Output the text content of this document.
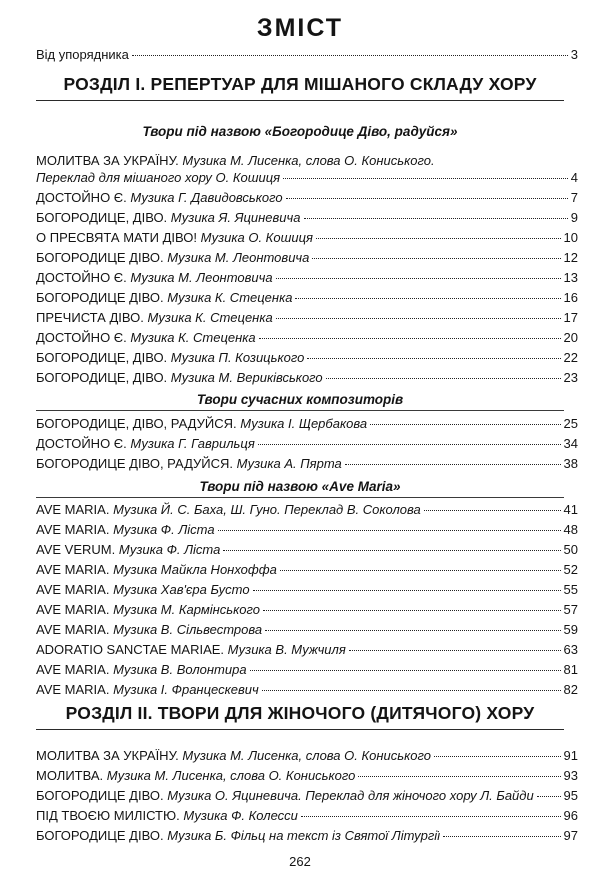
ЗМІСТ
Від упорядника	3
РОЗДІЛ І. РЕПЕРТУАР ДЛЯ МІШАНОГО СКЛАДУ ХОРУ
Твори під назвою «Богородице Діво, радуйся»
МОЛИТВА ЗА УКРАЇНУ. Музика М. Лисенка, слова О. Кониського.
Переклад для мішаного хору О. Кошиця	4
ДОСТОЙНО Є. Музика Г. Давидовського	7
БОГОРОДИЦЕ, ДІВО. Музика Я. Яциневича	9
О ПРЕСВЯТА МАТИ ДІВО! Музика О. Кошиця	10
БОГОРОДИЦЕ ДІВО. Музика М. Леонтовича	12
ДОСТОЙНО Є. Музика М. Леонтовича	13
БОГОРОДИЦЕ ДІВО. Музика К. Стеценка	16
ПРЕЧИСТА ДІВО. Музика К. Стеценка	17
ДОСТОЙНО Є. Музика К. Стеценка	20
БОГОРОДИЦЕ, ДІВО. Музика П. Козицького	22
БОГОРОДИЦЕ, ДІВО. Музика М. Вериківського	23
Твори сучасних композиторів
БОГОРОДИЦЕ, ДІВО, РАДУЙСЯ. Музика І. Щербакова	25
ДОСТОЙНО Є. Музика Г. Гаврильця	34
БОГОРОДИЦЕ ДІВО, РАДУЙСЯ. Музика А. Пярта	38
Твори під назвою «Ave Maria»
AVE MARIA. Музика Й. С. Баха, Ш. Гуно. Переклад В. Соколова	41
AVE MARIA. Музика Ф. Ліста	48
AVE VERUM. Музика Ф. Ліста	50
AVE MARIA. Музика Майкла Нонхоффа	52
AVE MARIA. Музика Хав'єра Бусто	55
AVE MARIA. Музика М. Кармінського	57
AVE MARIA. Музика В. Сільвестрова	59
ADORATIO SANCTAE MARIAE. Музика В. Мужчиля	63
AVE MARIA. Музика В. Волонтира	81
AVE MARIA. Музика І. Францескевич	82
РОЗДІЛ ІІ. ТВОРИ ДЛЯ ЖІНОЧОГО (ДИТЯЧОГО) ХОРУ
МОЛИТВА ЗА УКРАЇНУ. Музика М. Лисенка, слова О. Кониського	91
МОЛИТВА. Музика М. Лисенка, слова О. Кониського	93
БОГОРОДИЦЕ ДІВО. Музика О. Яциневича. Переклад для жіночого хору Л. Байди 95
ПІД ТВОЄЮ МИЛІСТЮ. Музика Ф. Колесси	96
БОГОРОДИЦЕ ДІВО. Музика Б. Фільц на текст із Святої Літургії	97
262
